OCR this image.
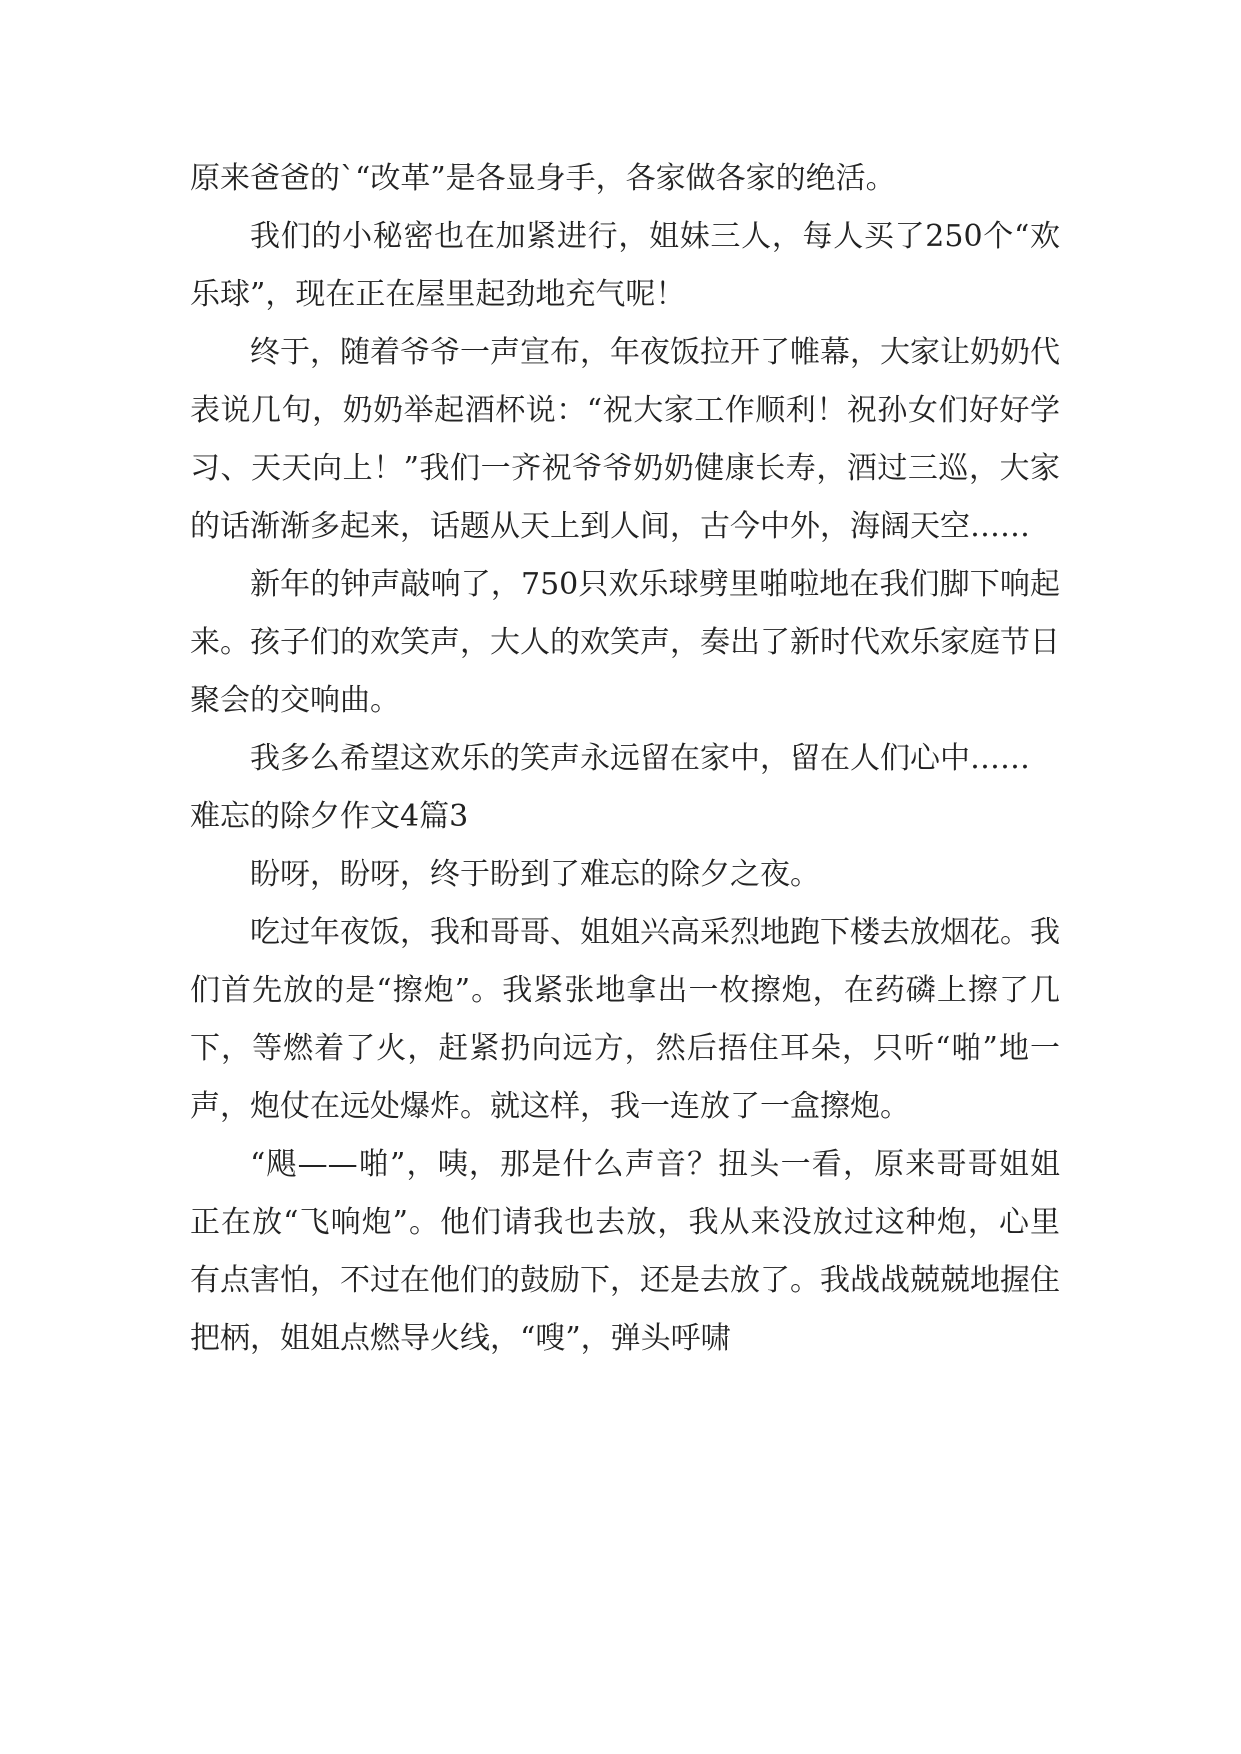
原来爸爸的`“改革”是各显身手，各家做各家的绝活。

我们的小秘密也在加紧进行，姐妹三人，每人买了250个“欢乐球”，现在正在屋里起劲地充气呢！

终于，随着爷爷一声宣布，年夜饭拉开了帷幕，大家让奶奶代表说几句，奶奶举起酒杯说：“祝大家工作顺利！祝孙女们好好学习、天天向上！”我们一齐祝爷爷奶奶健康长寿，酒过三巡，大家的话渐渐多起来，话题从天上到人间，古今中外，海阔天空……

新年的钟声敲响了，750只欢乐球劈里啪啦地在我们脚下响起来。孩子们的欢笑声，大人的欢笑声，奏出了新时代欢乐家庭节日聚会的交响曲。

我多么希望这欢乐的笑声永远留在家中，留在人们心中……

难忘的除夕作文4篇3

盼呀，盼呀，终于盼到了难忘的除夕之夜。

吃过年夜饭，我和哥哥、姐姐兴高采烈地跑下楼去放烟花。我们首先放的是“擦炮”。我紧张地拿出一枚擦炮，在药磷上擦了几下，等燃着了火，赶紧扔向远方，然后捂住耳朵，只听“啪”地一声，炮仗在远处爆炸。就这样，我一连放了一盒擦炮。

“飓——啪”，咦，那是什么声音？扭头一看，原来哥哥姐姐正在放“飞响炮”。他们请我也去放，我从来没放过这种炮，心里有点害怕，不过在他们的鼓励下，还是去放了。我战战兢兢地握住把柄，姐姐点燃导火线，“嗖”，弹头呼啸
